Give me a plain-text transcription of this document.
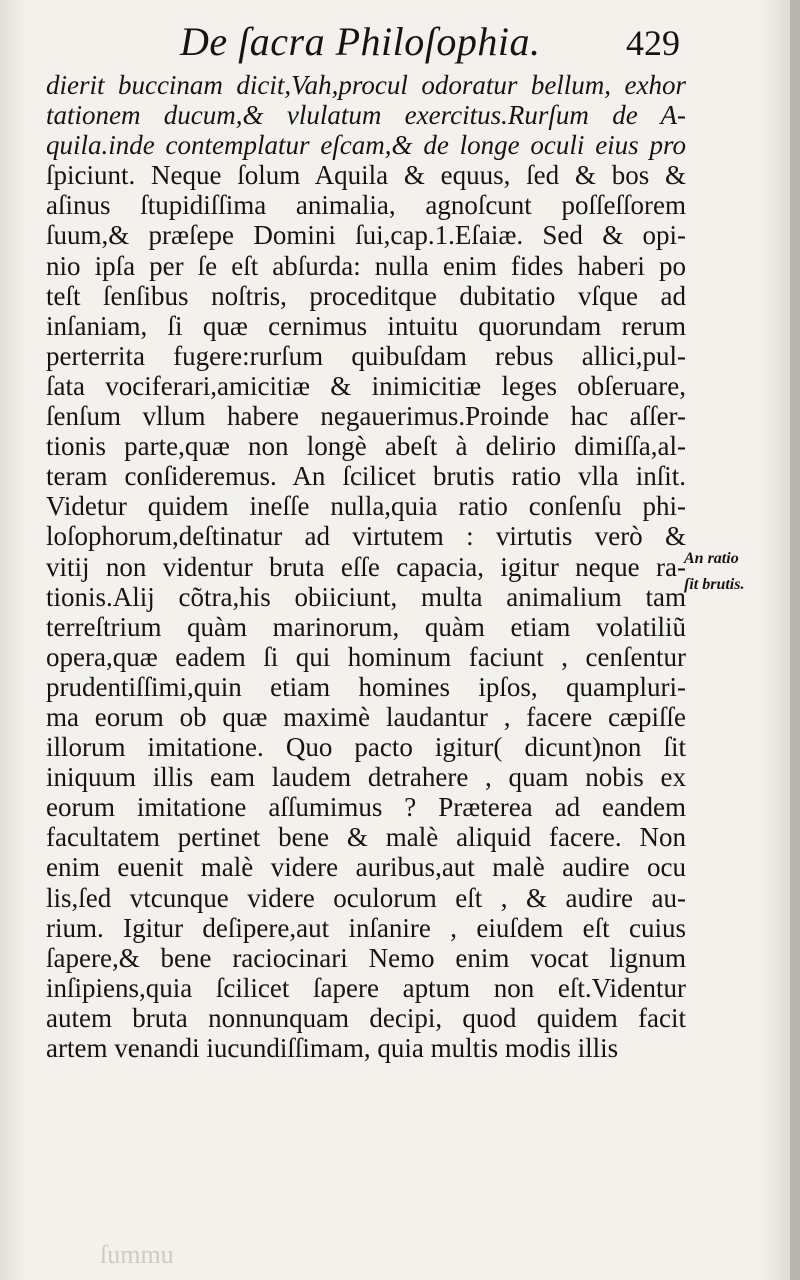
De ſacra Philoſophia. 429
dierit buccinam dicit,Vah,procul odoratur bellum, exhor
tationem ducum,& vlulatum exercitus.Rurſum de A-
quila.inde contemplatur eſcam,& de longe oculi eius pro
ſpiciunt. Neque ſolum Aquila & equus, ſed & bos &
aſinus ſtupidiſſima animalia, agnoſcunt poſſeſſorem
ſuum,& præſepe Domini ſui,cap.1.Eſaiæ. Sed & opi-
nio ipſa per ſe eſt abſurda: nulla enim fides haberi po
teſt ſenſibus noſtris, proceditque dubitatio vſque ad
inſaniam, ſi quæ cernimus intuitu quorundam rerum
perterrita fugere:rurſum quibuſdam rebus allici,pul-
ſata vociferari,amicitiæ & inimicitiæ leges obſeruare,
ſenſum vllum habere negauerimus.Proinde hac aſſer-
tionis parte,quæ non longè abeſt à delirio dimiſſa,al-
teram conſideremus. An ſcilicet brutis ratio vlla inſit.
Videtur quidem ineſſe nulla,quia ratio conſenſu phi-
loſophorum,deſtinatur ad virtutem : virtutis verò &
vitij non videntur bruta eſſe capacia, igitur neque ra-
tionis.Alij cõtra,his obiiciunt, multa animalium tam
terreſtrium quàm marinorum, quàm etiam volatiliũ
opera,quæ eadem ſi qui hominum faciunt , cenſentur
prudentiſſimi,quin etiam homines ipſos, quampluri-
ma eorum ob quæ maximè laudantur , facere cæpiſſe
illorum imitatione. Quo pacto igitur( dicunt)non ſit
iniquum illis eam laudem detrahere , quam nobis ex
eorum imitatione aſſumimus ? Præterea ad eandem
facultatem pertinet bene & malè aliquid facere. Non
enim euenit malè videre auribus,aut malè audire ocu
lis,ſed vtcunque videre oculorum eſt , & audire au-
rium. Igitur deſipere,aut inſanire , eiuſdem eſt cuius
ſapere,& bene raciocinari Nemo enim vocat lignum
inſipiens,quia ſcilicet ſapere aptum non eſt.Videntur
autem bruta nonnunquam decipi, quod quidem facit
artem venandi iucundiſſimam, quia multis modis illis
An ratio
ſit brutis.
ſummu
